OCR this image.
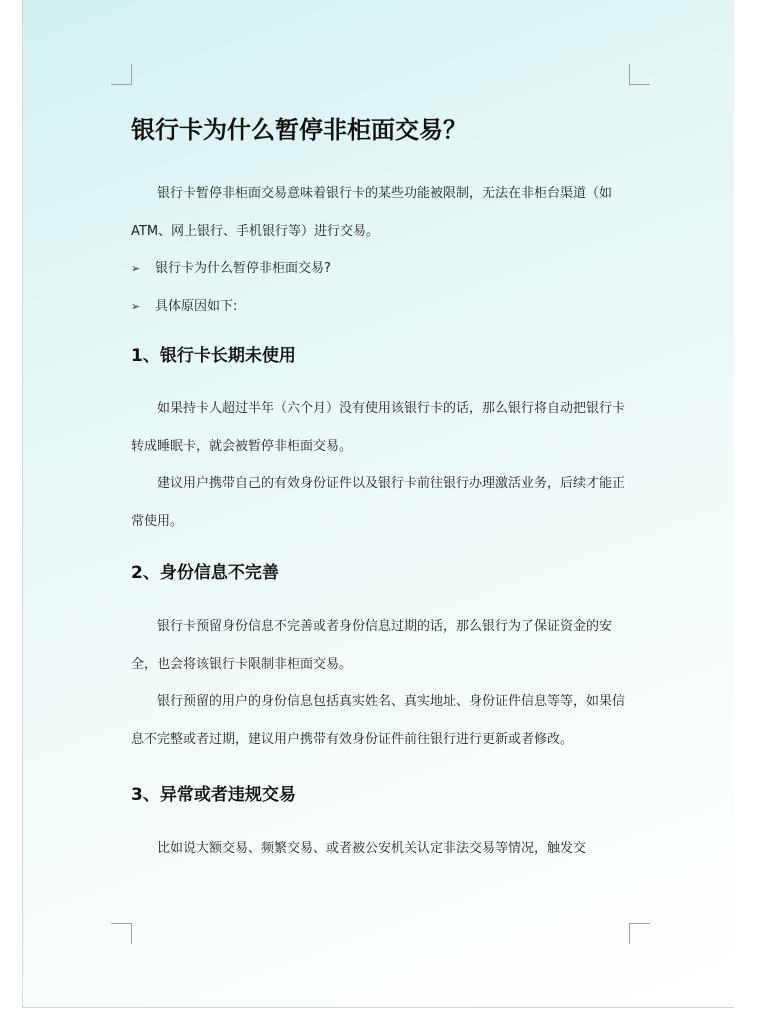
银行卡为什么暂停非柜面交易？

银行卡暂停非柜面交易意味着银行卡的某些功能被限制，无法在非柜台渠道（如 ATM、网上银行、手机银行等）进行交易。

➢	银行卡为什么暂停非柜面交易?
➢	具体原因如下:
1、银行卡长期未使用

如果持卡人超过半年（六个月）没有使用该银行卡的话，那么银行将自动把银行卡转成睡眠卡，就会被暂停非柜面交易。

建议用户携带自己的有效身份证件以及银行卡前往银行办理激活业务，后续才能正常使用。

2、身份信息不完善

银行卡预留身份信息不完善或者身份信息过期的话，那么银行为了保证资金的安全，也会将该银行卡限制非柜面交易。

银行预留的用户的身份信息包括真实姓名、真实地址、身份证件信息等等，如果信息不完整或者过期，建议用户携带有效身份证件前往银行进行更新或者修改。

3、异常或者违规交易

比如说大额交易、频繁交易、或者被公安机关认定非法交易等情况，触发交
